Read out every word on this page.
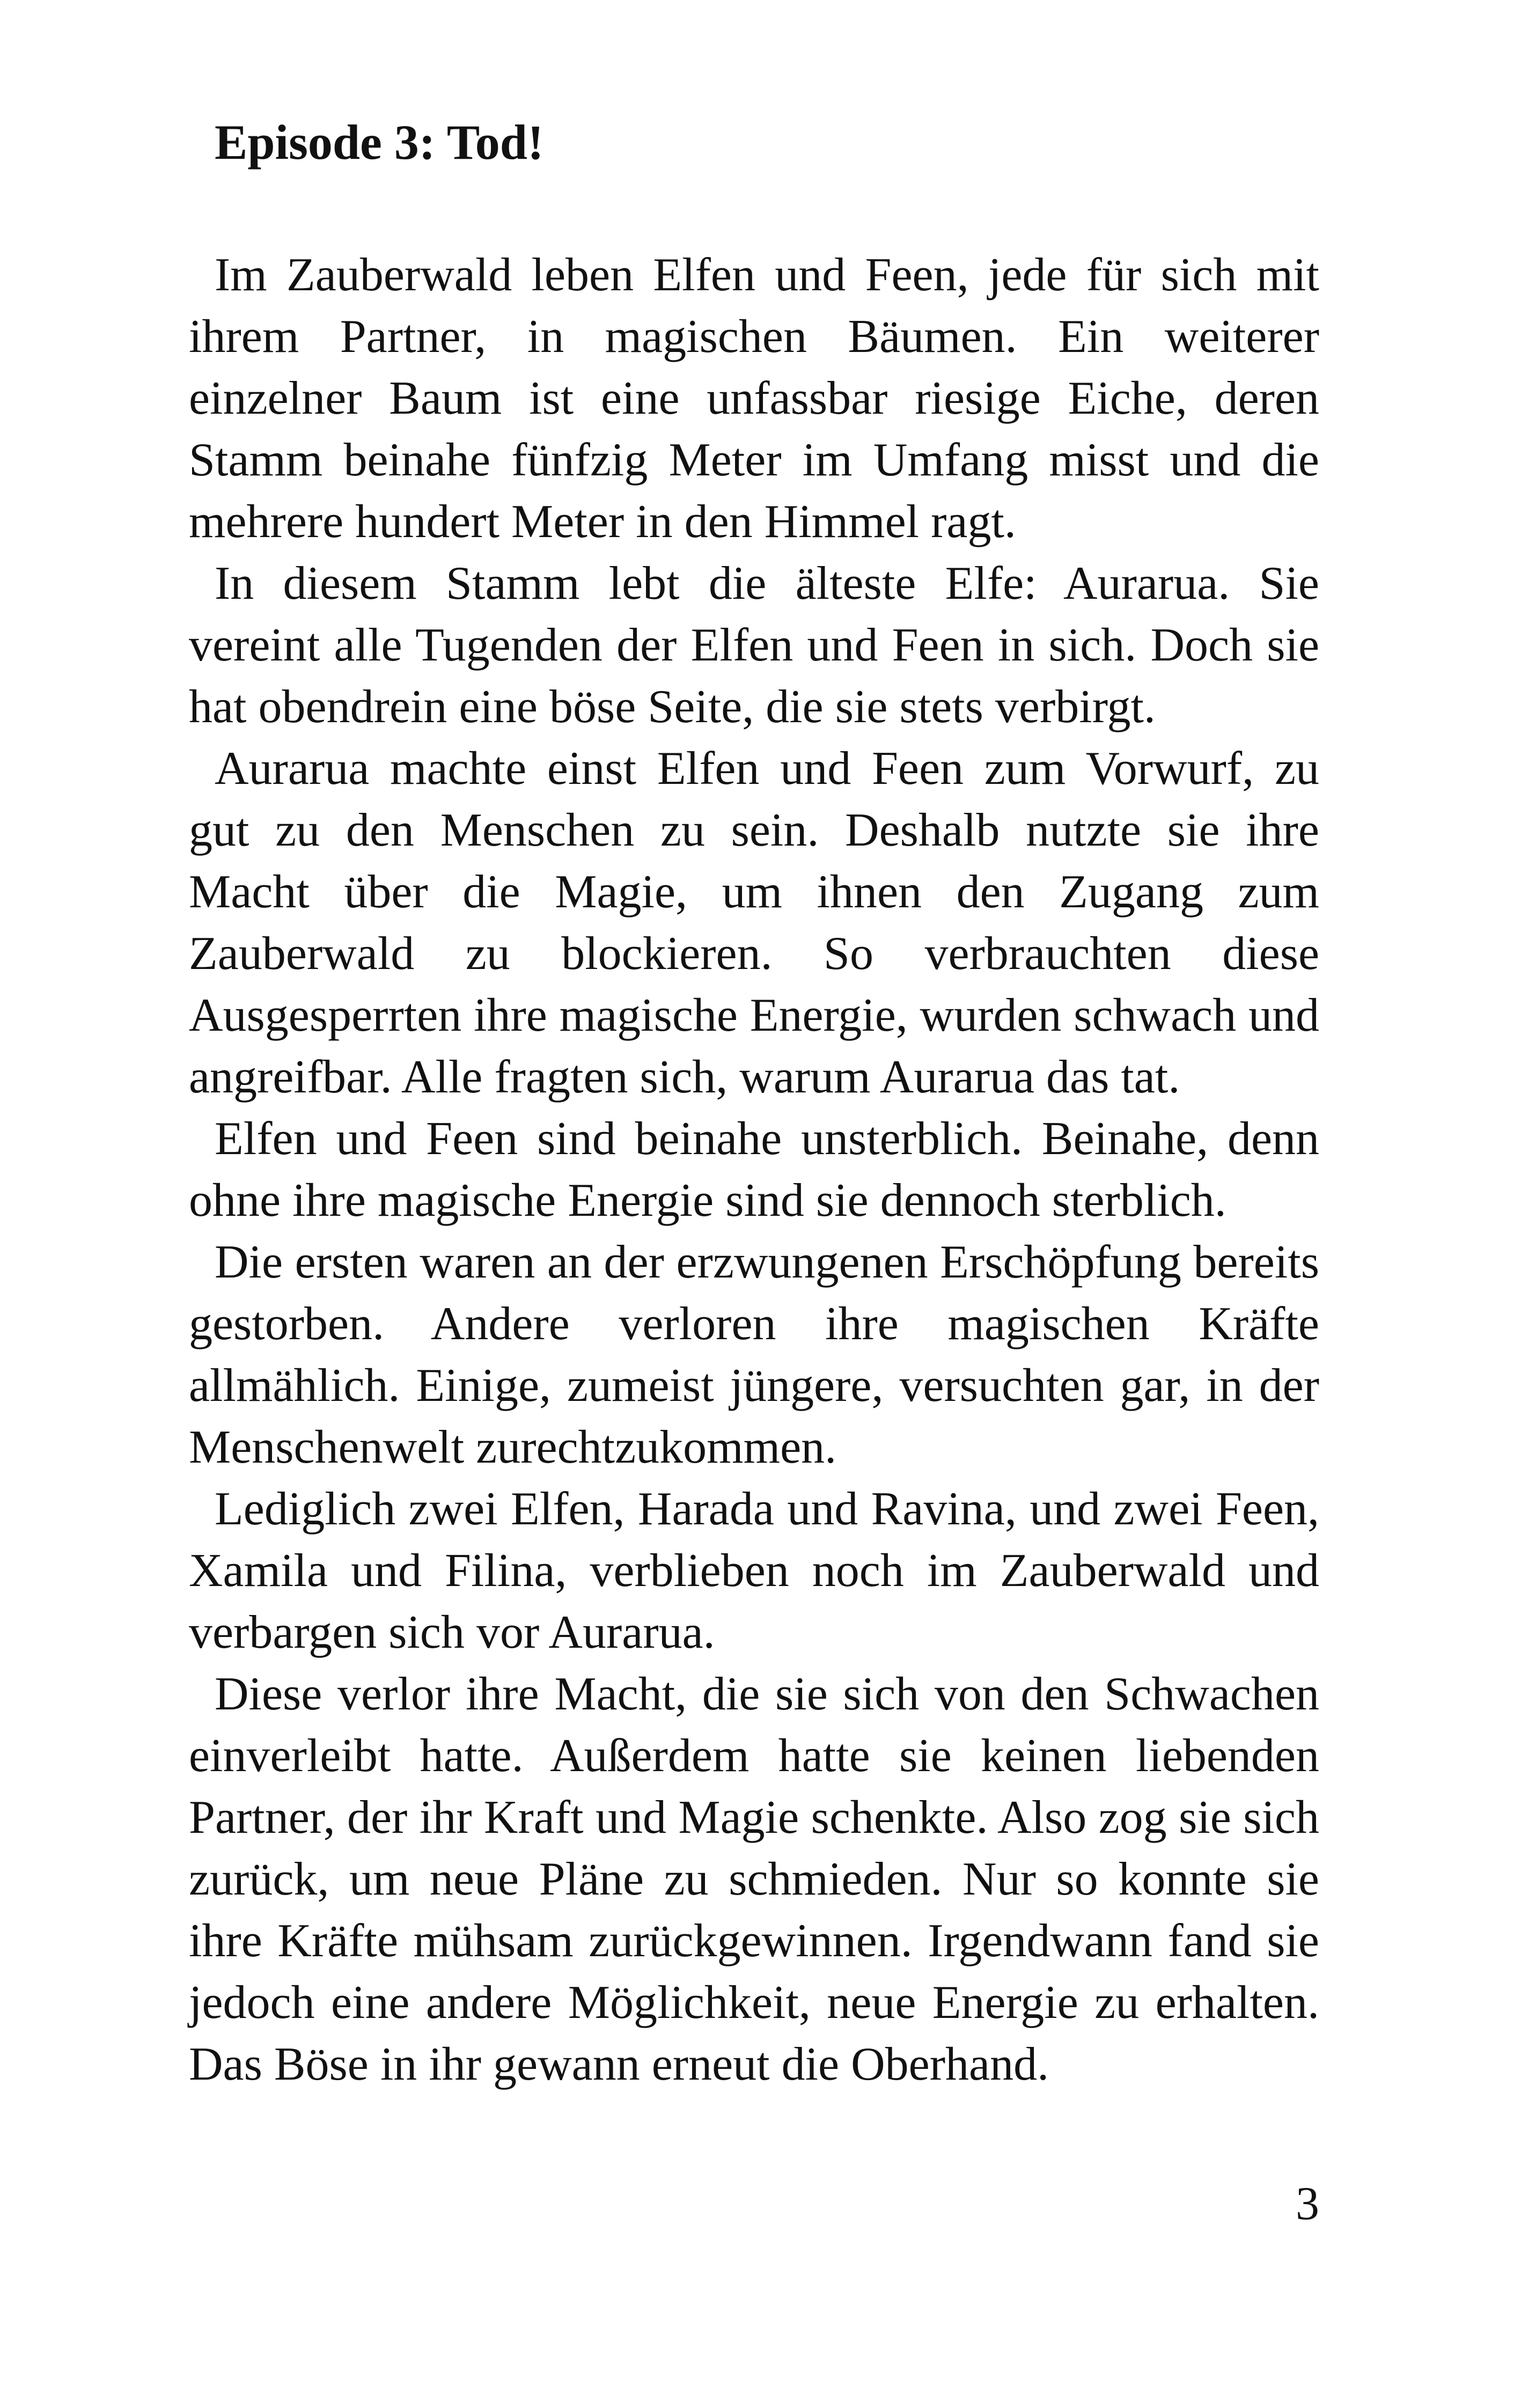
Episode 3: Tod!

Im Zauberwald leben Elfen und Feen, jede für sich mit ihrem Partner, in magischen Bäumen. Ein weiterer einzelner Baum ist eine unfassbar riesige Eiche, deren Stamm beinahe fünfzig Meter im Umfang misst und die mehrere hundert Meter in den Himmel ragt.

In diesem Stamm lebt die älteste Elfe: Aurarua. Sie vereint alle Tugenden der Elfen und Feen in sich. Doch sie hat obendrein eine böse Seite, die sie stets verbirgt.

Aurarua machte einst Elfen und Feen zum Vorwurf, zu gut zu den Menschen zu sein. Deshalb nutzte sie ihre Macht über die Magie, um ihnen den Zugang zum Zauberwald zu blockieren. So verbrauchten diese Ausgesperrten ihre magische Energie, wurden schwach und angreifbar. Alle fragten sich, warum Aurarua das tat.

Elfen und Feen sind beinahe unsterblich. Beinahe, denn ohne ihre magische Energie sind sie dennoch sterblich.

Die ersten waren an der erzwungenen Erschöpfung bereits gestorben. Andere verloren ihre magischen Kräfte allmählich. Einige, zumeist jüngere, versuchten gar, in der Menschenwelt zurechtzukommen.

Lediglich zwei Elfen, Harada und Ravina, und zwei Feen, Xamila und Filina, verblieben noch im Zauberwald und verbargen sich vor Aurarua.

Diese verlor ihre Macht, die sie sich von den Schwachen einverleibt hatte. Außerdem hatte sie keinen liebenden Partner, der ihr Kraft und Magie schenkte. Also zog sie sich zurück, um neue Pläne zu schmieden. Nur so konnte sie ihre Kräfte mühsam zurückgewinnen. Irgendwann fand sie jedoch eine andere Möglichkeit, neue Energie zu erhalten. Das Böse in ihr gewann erneut die Oberhand.

3
